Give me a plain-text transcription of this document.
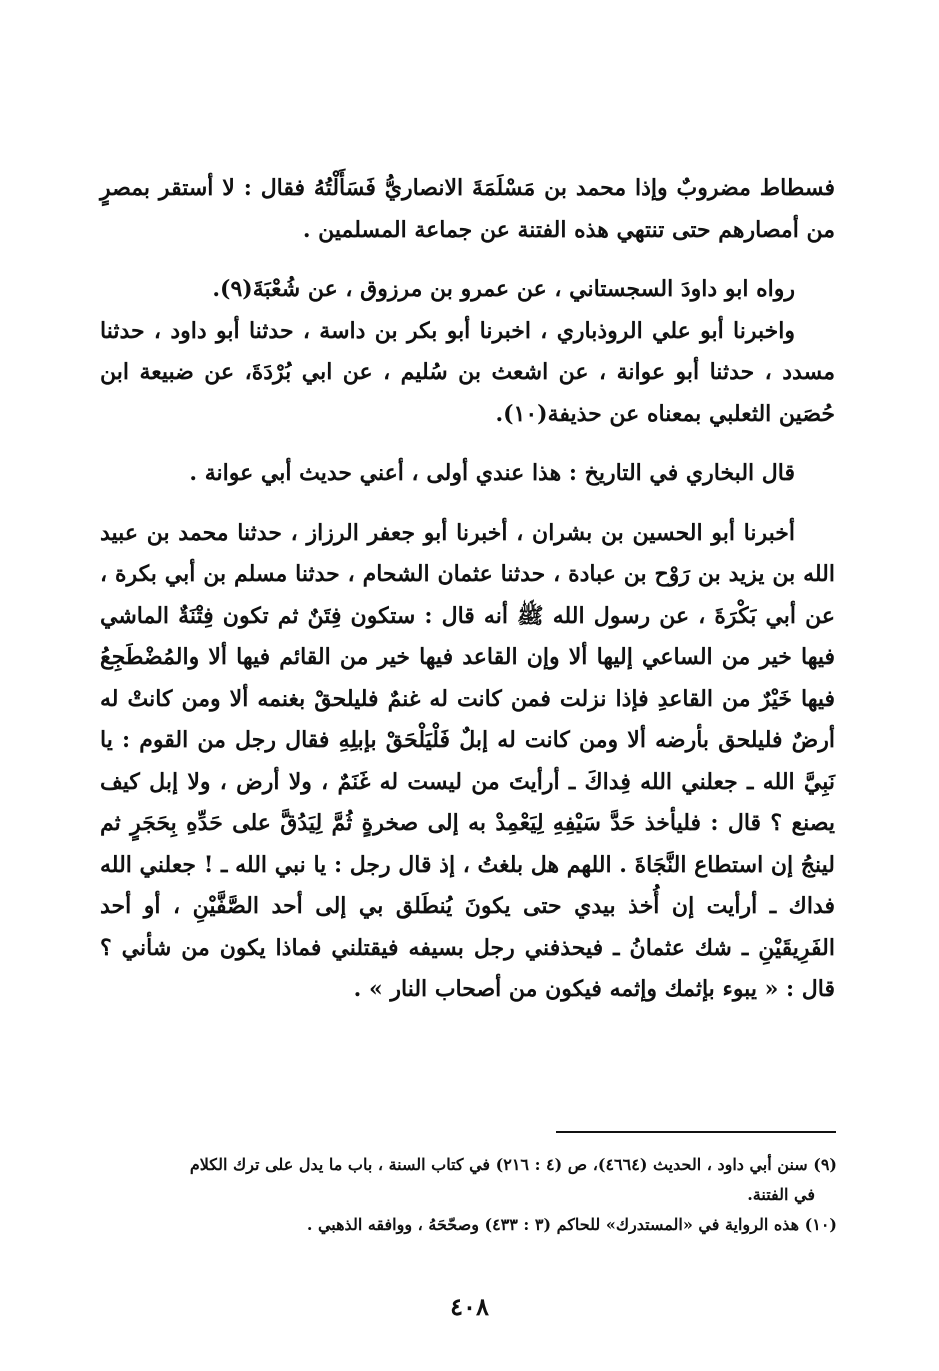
فسطاط مضروبٌ وإذا محمد بن مَسْلَمَةَ الانصاريُّ فَسَأَلْتُهُ فقال : لا أستقر بمصرٍ من أمصارهم حتى تنتهي هذه الفتنة عن جماعة المسلمين .

رواه ابو داودَ السجستاني ، عن عمرو بن مرزوق ، عن شُعْبَةَ(٩).

واخبرنا أبو علي الروذباري ، اخبرنا أبو بكر بن داسة ، حدثنا أبو داود ، حدثنا مسدد ، حدثنا أبو عوانة ، عن اشعث بن سُليم ، عن ابي بُرْدَةَ، عن ضبيعة ابن حُصَين الثعلبي بمعناه عن حذيفة(١٠).

قال البخاري في التاريخ : هذا عندي أولى ، أعني حديث أبي عوانة .

أخبرنا أبو الحسين بن بشران ، أخبرنا أبو جعفر الرزاز ، حدثنا محمد بن عبيد الله بن يزيد بن رَوْح بن عبادة ، حدثنا عثمان الشحام ، حدثنا مسلم بن أبي بكرة ، عن أبي بَكْرَةَ ، عن رسول الله ﷺ أنه قال : ستكون فِتَنٌ ثم تكون فِتْنَةٌ الماشي فيها خير من الساعي إليها ألا وإن القاعد فيها خير من القائم فيها ألا والمُضْطَجِعُ فيها خَيْرٌ من القاعدِ فإذا نزلت فمن كانت له غنمٌ فليلحقْ بغنمه ألا ومن كانتْ له أرضٌ فليلحق بأرضه ألا ومن كانت له إبلٌ فَلْيَلْحَقْ بإبلِهِ فقال رجل من القوم : يا نَبِيَّ الله ـ جعلني الله فِداكَ ـ أرأيتَ من ليست له غَنَمٌ ، ولا أرض ، ولا إبل كيف يصنع ؟ قال : فليأخذ حَدَّ سَيْفِهِ لِيَعْمِدْ به إلى صخرةٍ ثُمَّ لِيَدُقَّ على حَدِّهِ بِحَجَرٍ ثم لينجُ إن استطاع النَّجَاةَ . اللهم هل بلغتُ ، إذ قال رجل : يا نبي الله ـ ! جعلني الله فداك ـ أرأيت إن أُخذ بيدي حتى يكونَ يُنطَلق بي إلى أحد الصَّفَّيْنِ ، أو أحد الفَرِيقَيْنِ ـ شك عثمانُ ـ فيحذفني رجل بسيفه فيقتلني فماذا يكون من شأني ؟ قال : « يبوء بإثمك وإثمه فيكون من أصحاب النار » .

(٩) سنن أبي داود ، الحديث (٤٦٦٤)، ص (٤ : ٢١٦) في كتاب السنة ، باب ما يدل على ترك الكلام

في الفتنة.

(١٠) هذه الرواية في «المستدرك» للحاكم (٣ : ٤٣٣) وصحّحَهُ ، ووافقه الذهبي .

٤٠٨
